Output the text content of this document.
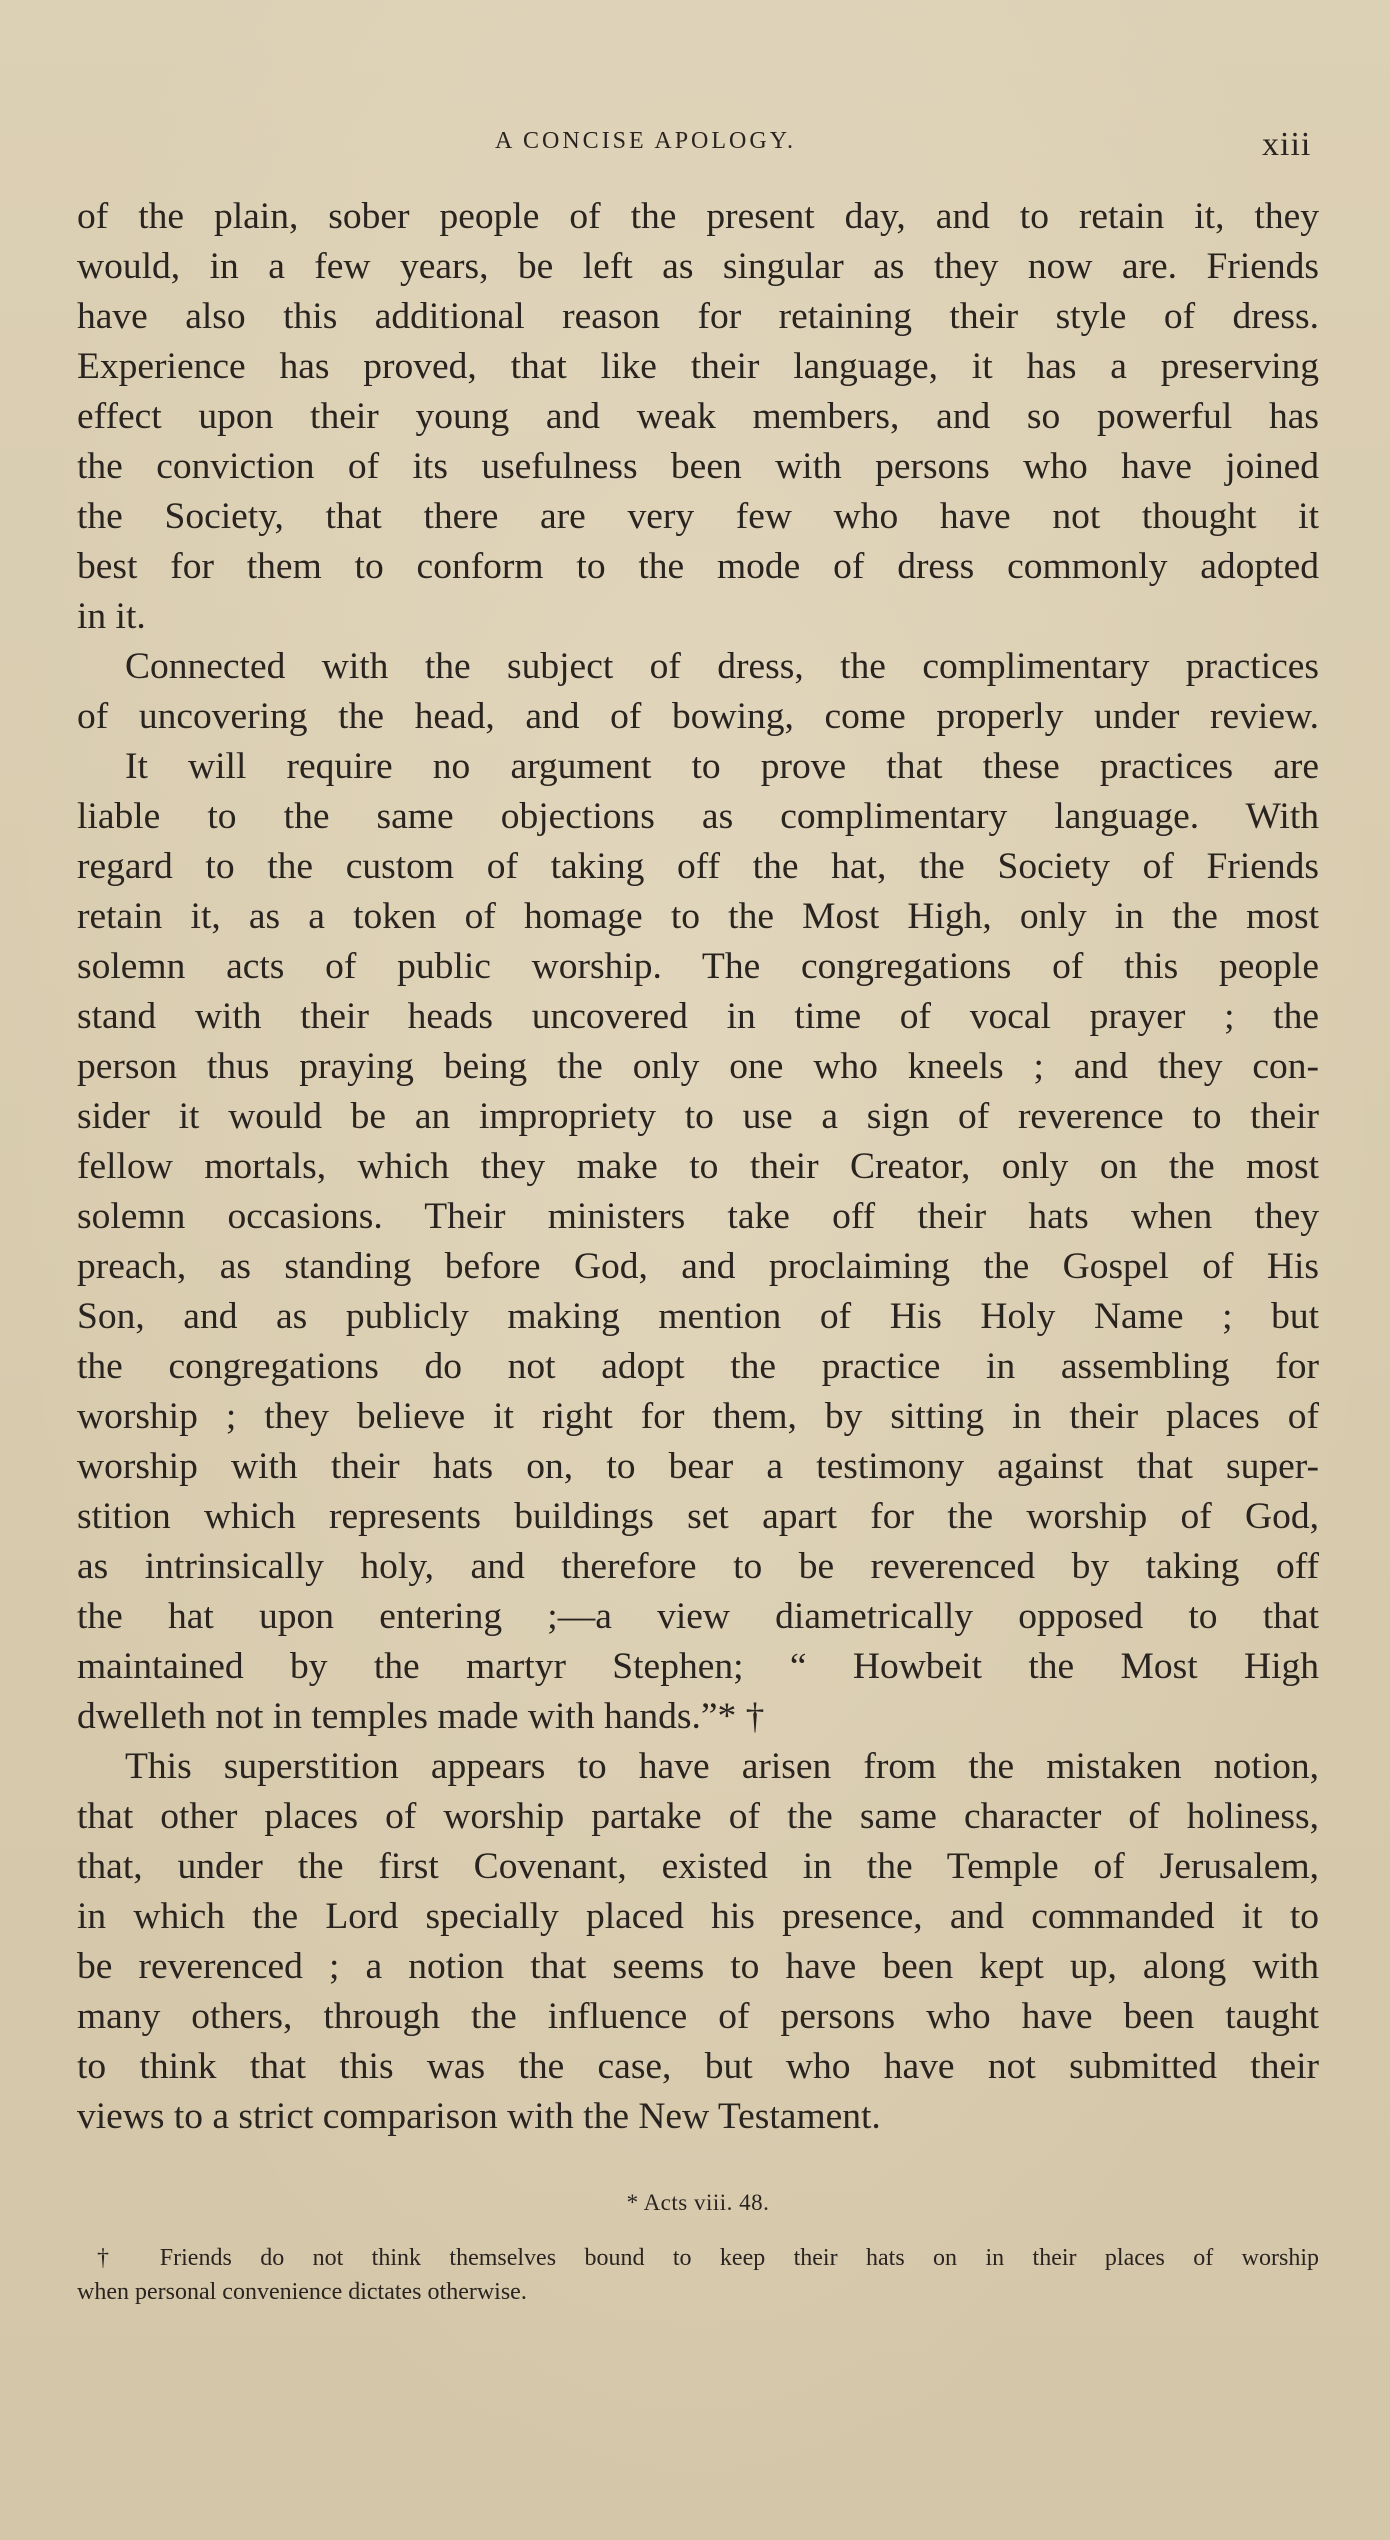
A CONCISE APOLOGY.	xiii
of the plain, sober people of the present day, and to retain it, they
would, in a few years, be left as singular as they now are. Friends
have also this additional reason for retaining their style of dress.
Experience has proved, that like their language, it has a preserving
effect upon their young and weak members, and so powerful has
the conviction of its usefulness been with persons who have joined
the Society, that there are very few who have not thought it
best for them to conform to the mode of dress commonly adopted
in it.
Connected with the subject of dress, the complimentary practices
of uncovering the head, and of bowing, come properly under review.
It will require no argument to prove that these practices are
liable to the same objections as complimentary language. With
regard to the custom of taking off the hat, the Society of Friends
retain it, as a token of homage to the Most High, only in the most
solemn acts of public worship. The congregations of this people
stand with their heads uncovered in time of vocal prayer ; the
person thus praying being the only one who kneels ; and they con-
sider it would be an impropriety to use a sign of reverence to their
fellow mortals, which they make to their Creator, only on the most
solemn occasions. Their ministers take off their hats when they
preach, as standing before God, and proclaiming the Gospel of His
Son, and as publicly making mention of His Holy Name ; but
the congregations do not adopt the practice in assembling for
worship ; they believe it right for them, by sitting in their places of
worship with their hats on, to bear a testimony against that super-
stition which represents buildings set apart for the worship of God,
as intrinsically holy, and therefore to be reverenced by taking off
the hat upon entering ;—a view diametrically opposed to that
maintained by the martyr Stephen; “ Howbeit the Most High
dwelleth not in temples made with hands.”* †
This superstition appears to have arisen from the mistaken notion,
that other places of worship partake of the same character of holiness,
that, under the first Covenant, existed in the Temple of Jerusalem,
in which the Lord specially placed his presence, and commanded it to
be reverenced ; a notion that seems to have been kept up, along with
many others, through the influence of persons who have been taught
to think that this was the case, but who have not submitted their
views to a strict comparison with the New Testament.
* Acts viii. 48.
† Friends do not think themselves bound to keep their hats on in their places of worship
when personal convenience dictates otherwise.
